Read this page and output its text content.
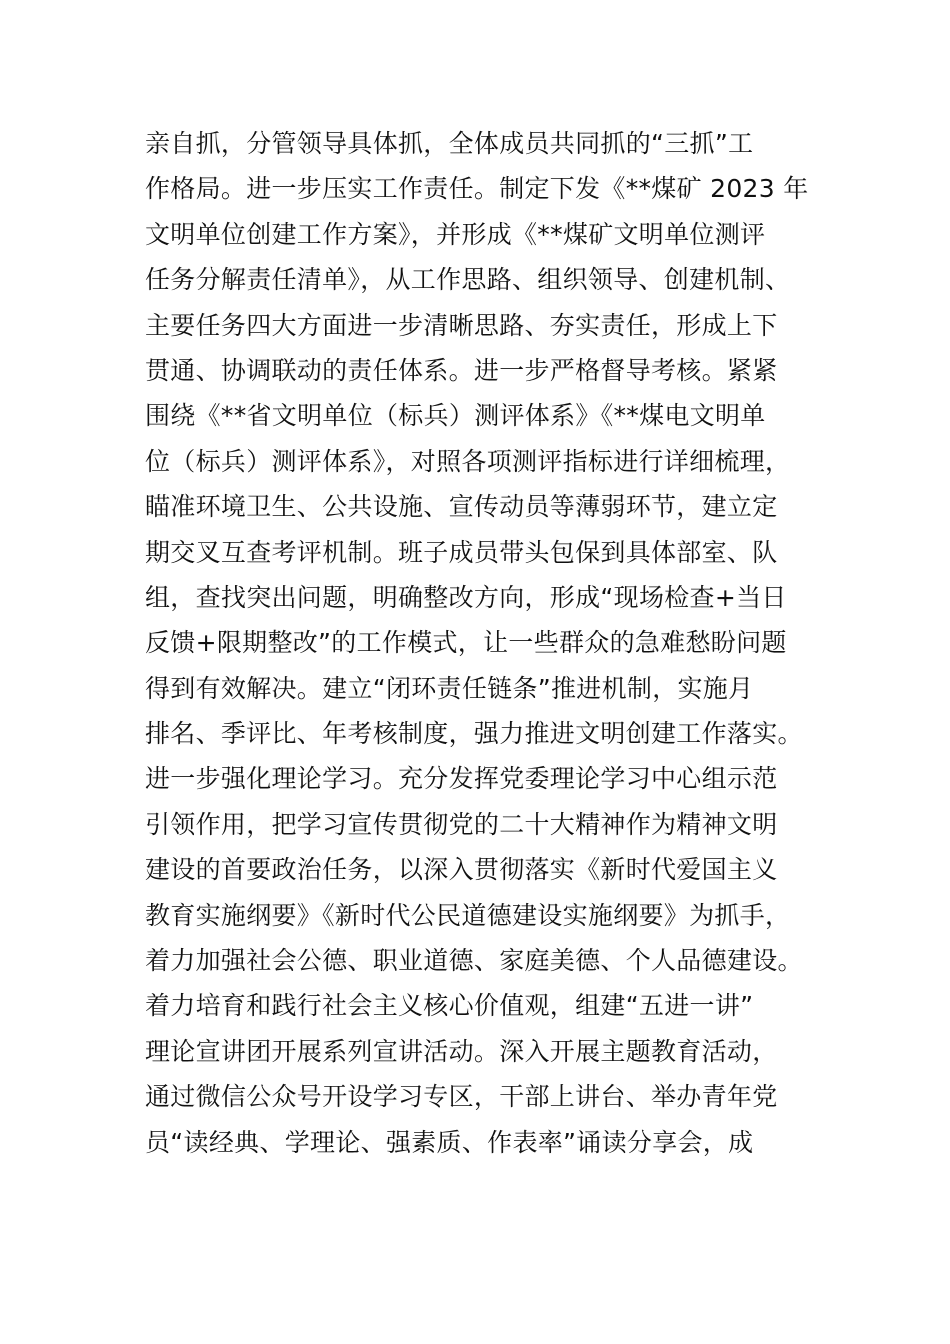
亲自抓，分管领导具体抓，全体成员共同抓的“三抓”工
作格局。进一步压实工作责任。制定下发《**煤矿 2023 年
文明单位创建工作方案》，并形成《**煤矿文明单位测评
任务分解责任清单》，从工作思路、组织领导、创建机制、
主要任务四大方面进一步清晰思路、夯实责任，形成上下
贯通、协调联动的责任体系。进一步严格督导考核。紧紧
围绕《**省文明单位（标兵）测评体系》《**煤电文明单
位（标兵）测评体系》，对照各项测评指标进行详细梳理，
瞄准环境卫生、公共设施、宣传动员等薄弱环节，建立定
期交叉互查考评机制。班子成员带头包保到具体部室、队
组，查找突出问题，明确整改方向，形成“现场检查+当日
反馈+限期整改”的工作模式，让一些群众的急难愁盼问题
得到有效解决。建立“闭环责任链条”推进机制，实施月
排名、季评比、年考核制度，强力推进文明创建工作落实。
进一步强化理论学习。充分发挥党委理论学习中心组示范
引领作用，把学习宣传贯彻党的二十大精神作为精神文明
建设的首要政治任务，以深入贯彻落实《新时代爱国主义
教育实施纲要》《新时代公民道德建设实施纲要》为抓手，
着力加强社会公德、职业道德、家庭美德、个人品德建设。
着力培育和践行社会主义核心价值观，组建“五进一讲”
理论宣讲团开展系列宣讲活动。深入开展主题教育活动，
通过微信公众号开设学习专区，干部上讲台、举办青年党
员“读经典、学理论、强素质、作表率”诵读分享会，成
